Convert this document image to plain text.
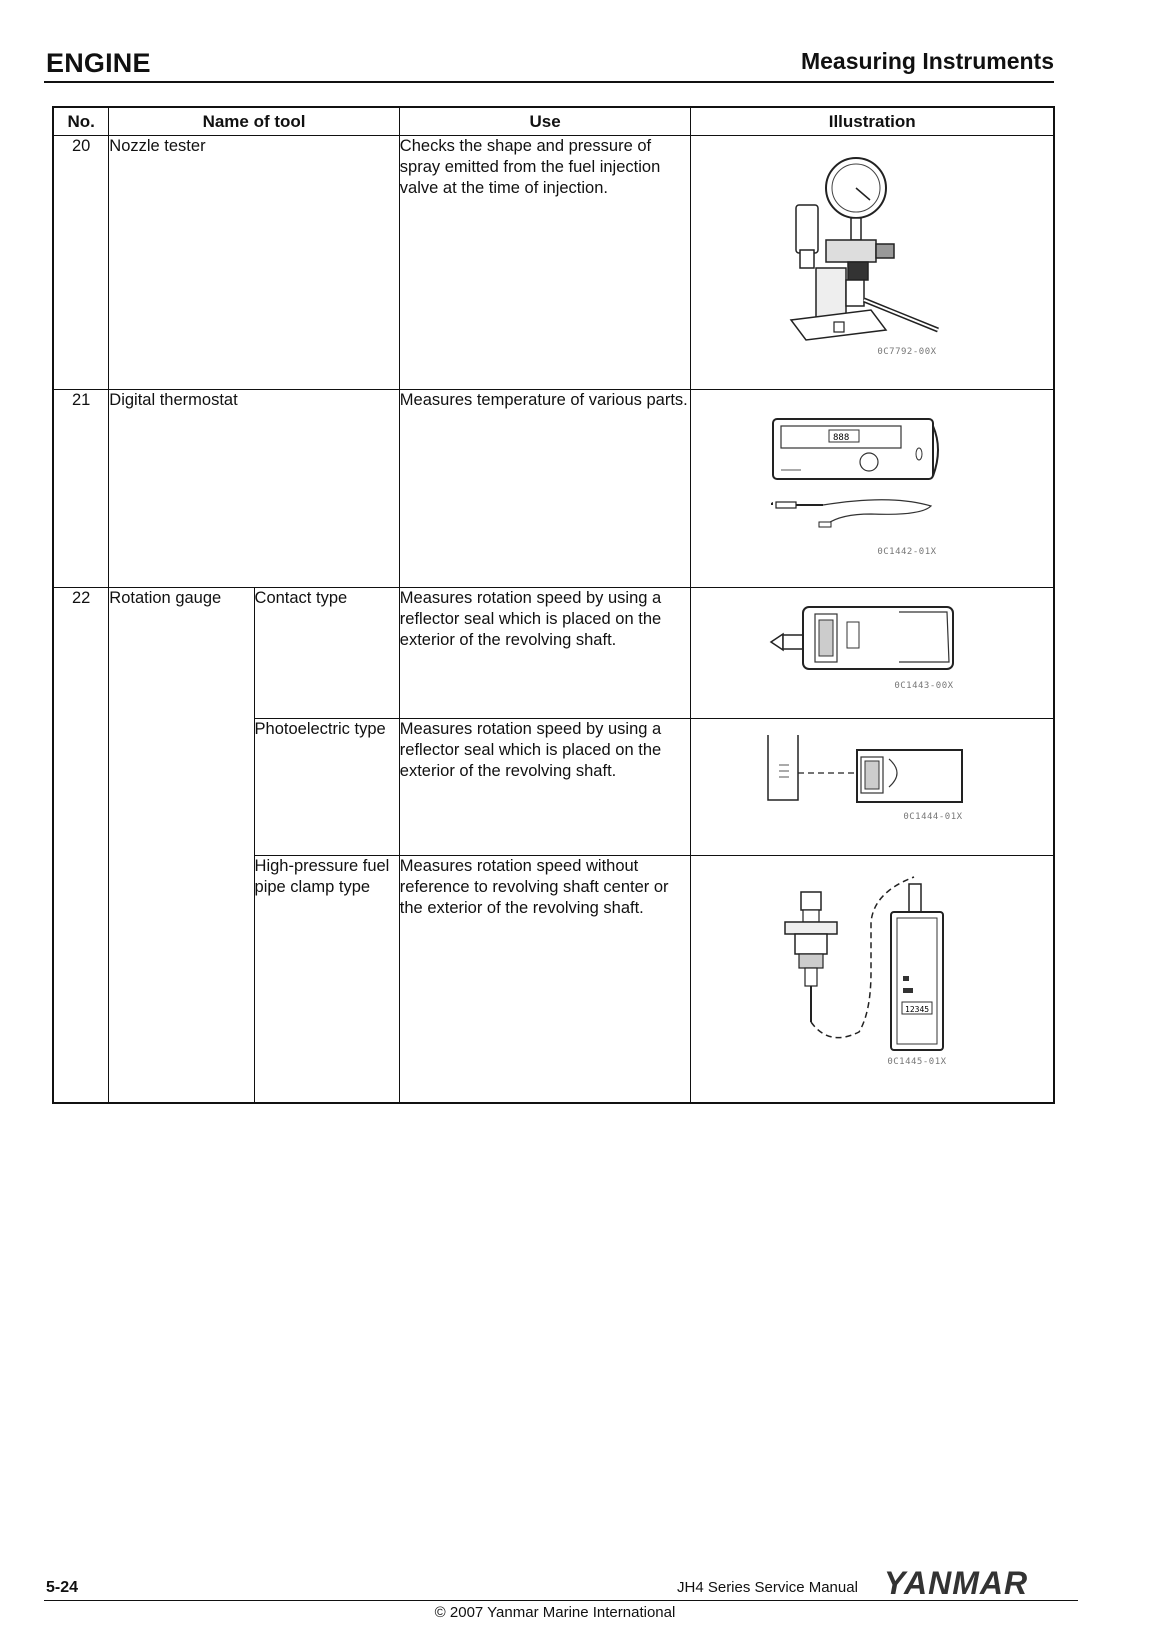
ENGINE	Measuring Instruments
No.	Name of tool		Use	Illustration
20	Nozzle tester		Checks the shape and pressure of spray emitted from the fuel injection valve at the time of injection.	0C7792-00X

21	Digital thermostat		Measures temperature of various parts.	888
0C1442-01X

22	Rotation gauge	Contact type	Measures rotation speed by using a reflector seal which is placed on the exterior of the revolving shaft.	0C1443-00X

		Photoelectric type	Measures rotation speed by using a reflector seal which is placed on the exterior of the revolving shaft.	0C1444-01X

		High-pressure fuel pipe clamp type	Measures rotation speed without reference to revolving shaft center or the exterior of the revolving shaft.	12345
0C1445-01X
5-24	JH4 Series Service Manual YANMAR
© 2007 Yanmar Marine International
